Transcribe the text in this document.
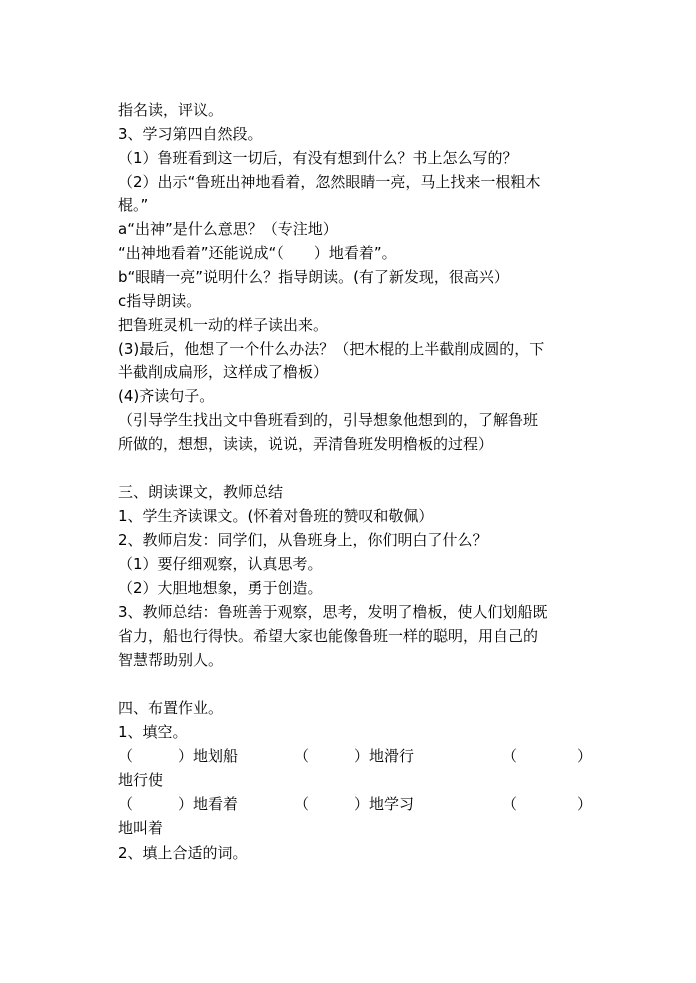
指名读，评议。
3、学习第四自然段。
（1）鲁班看到这一切后，有没有想到什么？书上怎么写的？
（2）出示“鲁班出神地看着，忽然眼睛一亮，马上找来一根粗木
棍。”
a“出神”是什么意思？（专注地）
“出神地看着”还能说成“（　　）地看着”。
b“眼睛一亮”说明什么？指导朗读。(有了新发现，很高兴）
c指导朗读。
把鲁班灵机一动的样子读出来。
(3)最后，他想了一个什么办法？（把木棍的上半截削成圆的，下
半截削成扁形，这样成了橹板）
(4)齐读句子。
（引导学生找出文中鲁班看到的，引导想象他想到的，了解鲁班
所做的，想想，读读，说说，弄清鲁班发明橹板的过程）
三、朗读课文，教师总结
1、学生齐读课文。(怀着对鲁班的赞叹和敬佩）
2、教师启发：同学们，从鲁班身上，你们明白了什么？
（1）要仔细观察，认真思考。
（2）大胆地想象，勇于创造。
3、教师总结：鲁班善于观察，思考，发明了橹板，使人们划船既
省力，船也行得快。希望大家也能像鲁班一样的聪明，用自己的
智慧帮助别人。
四、布置作业。
1、填空。
（　　　）地划船	（　　　）地滑行	（　　　　）
地行使
（　　　）地看着	（　　　）地学习	（　　　　）
地叫着
2、填上合适的词。
